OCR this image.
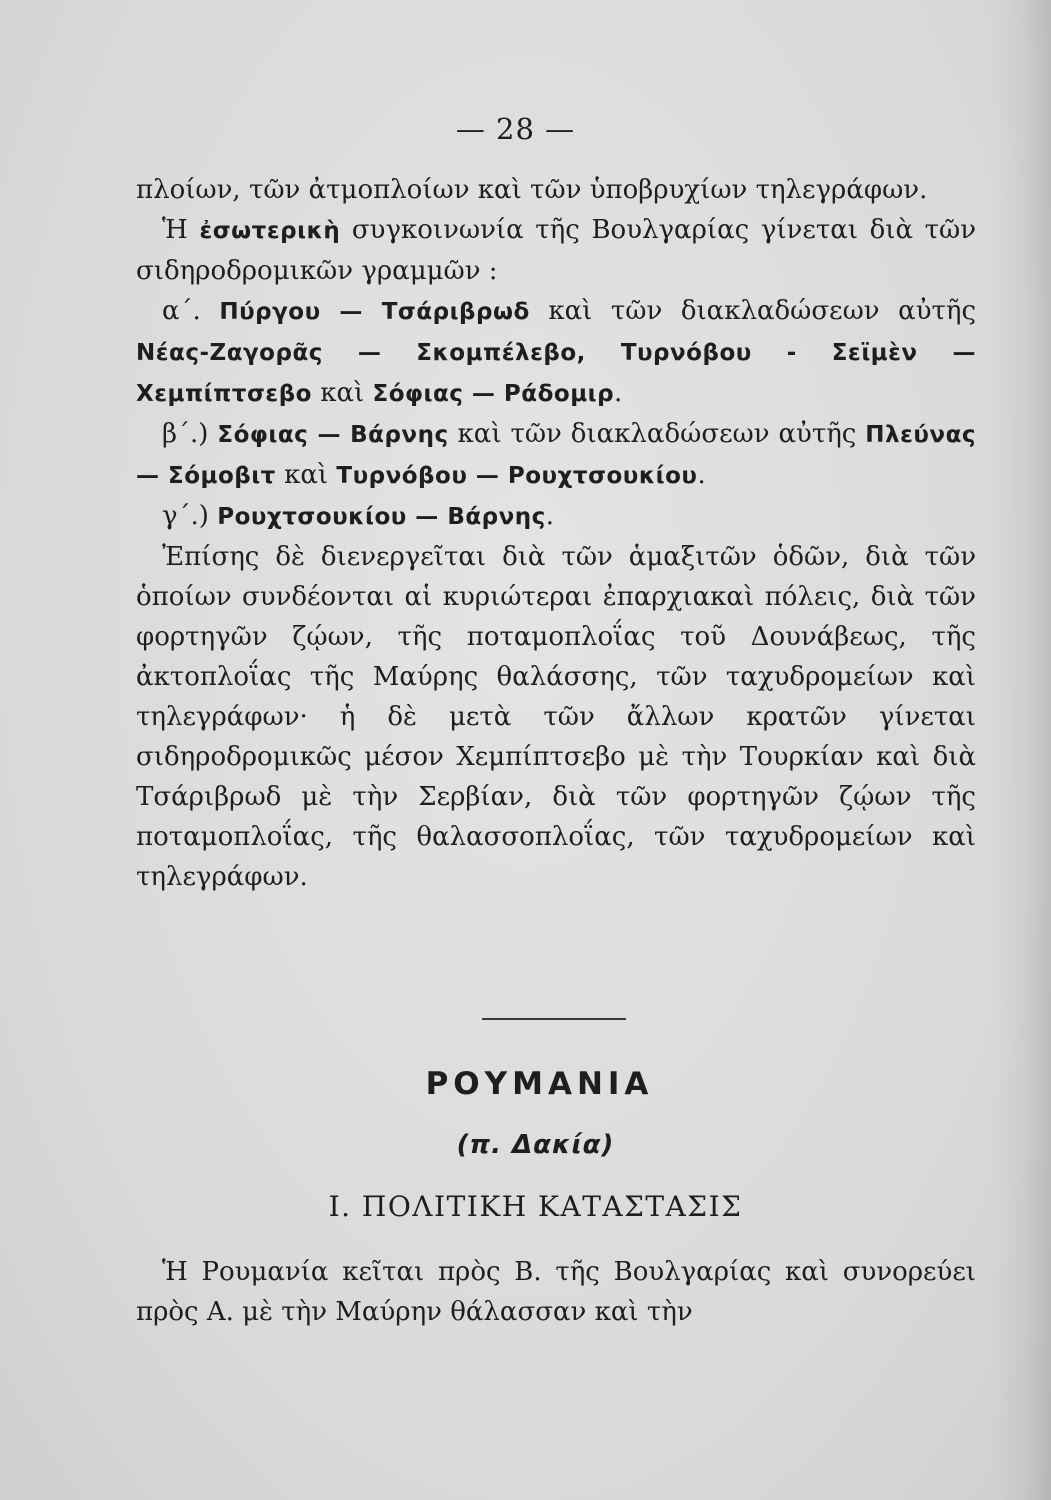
— 28 —

πλοίων, τῶν ἀτμοπλοίων καὶ τῶν ὑποβρυχίων τηλεγράφων.

Ἡ ἐσωτερικὴ συγκοινωνία τῆς Βουλγαρίας γίνεται διὰ τῶν σιδηροδρομικῶν γραμμῶν :

α΄. Πύργου — Τσάριβρωδ καὶ τῶν διακλαδώσεων αὐτῆς Νέας-Ζαγορᾶς — Σκομπέλεβο, Τυρνόβου - Σεϊμὲν — Χεμπίπτσεβο καὶ Σόφιας — Ράδομιρ.

β΄.) Σόφιας — Βάρνης καὶ τῶν διακλαδώσεων αὐτῆς Πλεύνας — Σόμοβιτ καὶ Τυρνόβου — Ρουχτσουκίου.

γ΄.) Ρουχτσουκίου — Βάρνης.

Ἐπίσης δὲ διενεργεῖται διὰ τῶν ἁμαξιτῶν ὁδῶν, διὰ τῶν ὁποίων συνδέονται αἱ κυριώτεραι ἐπαρχιακαὶ πόλεις, διὰ τῶν φορτηγῶν ζῴων, τῆς ποταμοπλοΐας τοῦ Δουνάβεως, τῆς ἀκτοπλοΐας τῆς Μαύρης θαλάσσης, τῶν ταχυδρομείων καὶ τηλεγράφων· ἡ δὲ μετὰ τῶν ἄλλων κρατῶν γίνεται σιδηροδρομικῶς μέσον Χεμπίπτσεβο μὲ τὴν Τουρκίαν καὶ διὰ Τσάριβρωδ μὲ τὴν Σερβίαν, διὰ τῶν φορτηγῶν ζῴων τῆς ποταμοπλοΐας, τῆς θαλασσοπλοΐας, τῶν ταχυδρομείων καὶ τηλεγράφων.

ΡΟΥΜΑΝΙΑ
(π. Δακία)
Ι. ΠΟΛΙΤΙΚΗ ΚΑΤΑΣΤΑΣΙΣ

Ἡ Ρουμανία κεῖται πρὸς Β. τῆς Βουλγαρίας καὶ συνορεύει πρὸς Α. μὲ τὴν Μαύρην θάλασσαν καὶ τὴν
